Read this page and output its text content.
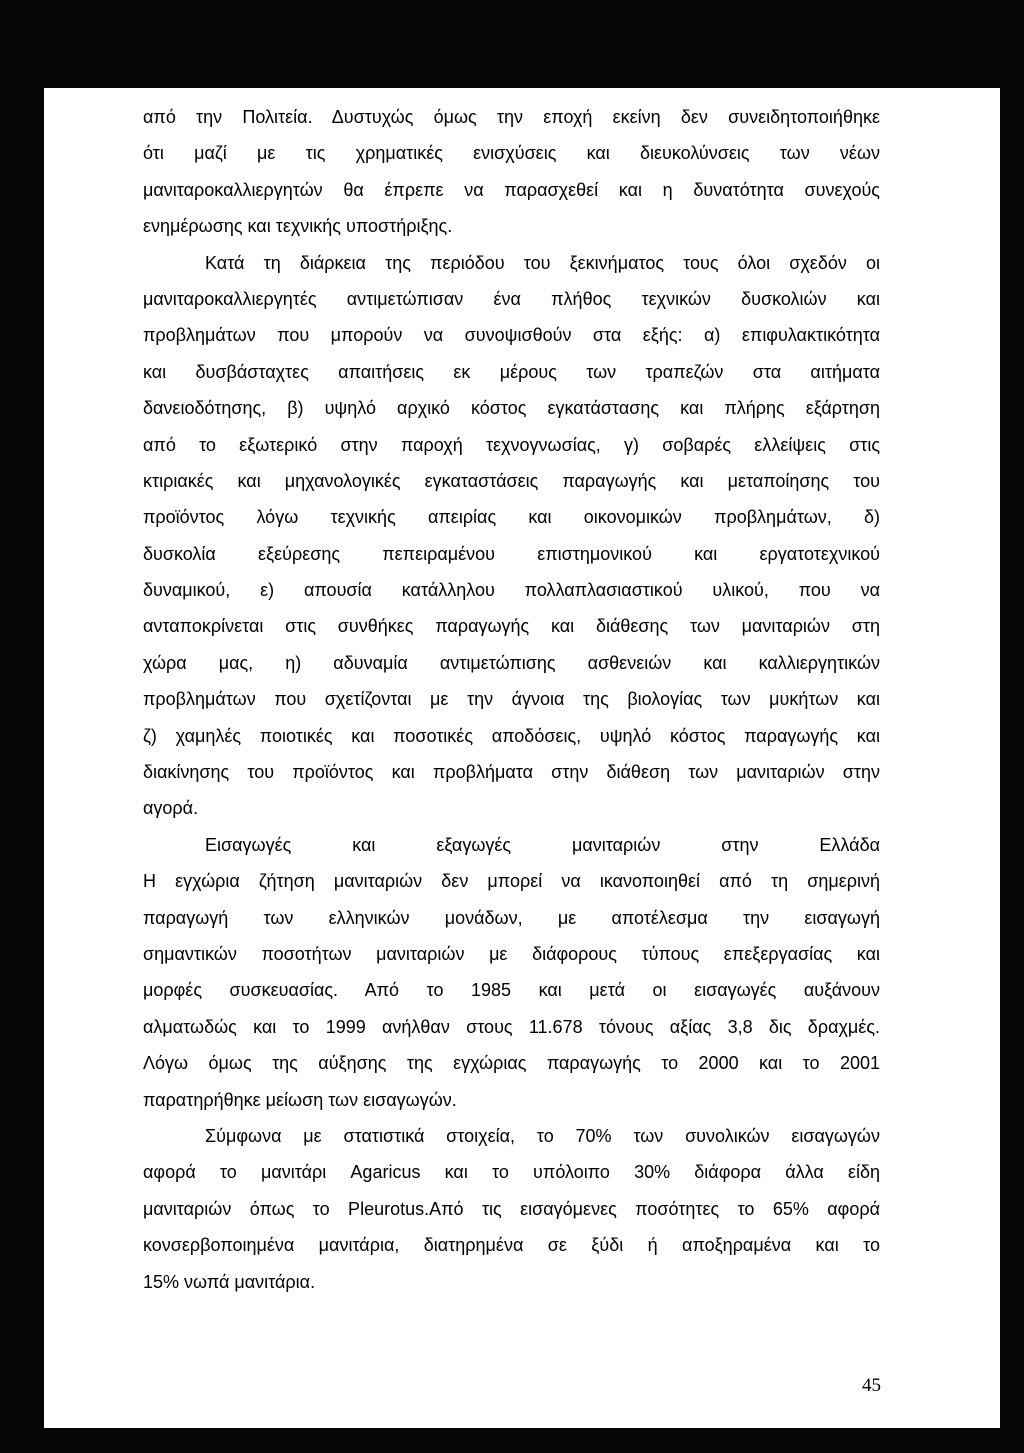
από την Πολιτεία. Δυστυχώς όμως την εποχή εκείνη δεν συνειδητοποιήθηκε
ότι μαζί με τις χρηματικές ενισχύσεις και διευκολύνσεις των νέων
μανιταροκαλλιεργητών θα έπρεπε να παρασχεθεί και η δυνατότητα συνεχούς
ενημέρωσης και τεχνικής υποστήριξης.
Κατά τη διάρκεια της περιόδου του ξεκινήματος τους όλοι σχεδόν οι
μανιταροκαλλιεργητές αντιμετώπισαν ένα πλήθος τεχνικών δυσκολιών και
προβλημάτων που μπορούν να συνοψισθούν στα εξής: α) επιφυλακτικότητα
και δυσβάσταχτες απαιτήσεις εκ μέρους των τραπεζών στα αιτήματα
δανειοδότησης, β) υψηλό αρχικό κόστος εγκατάστασης και πλήρης εξάρτηση
από το εξωτερικό στην παροχή τεχνογνωσίας, γ) σοβαρές ελλείψεις στις
κτιριακές και μηχανολογικές εγκαταστάσεις παραγωγής και μεταποίησης του
προϊόντος λόγω τεχνικής απειρίας και οικονομικών προβλημάτων, δ)
δυσκολία εξεύρεσης πεπειραμένου επιστημονικού και εργατοτεχνικού
δυναμικού, ε) απουσία κατάλληλου πολλαπλασιαστικού υλικού, που να
ανταποκρίνεται στις συνθήκες παραγωγής και διάθεσης των μανιταριών στη
χώρα μας, η) αδυναμία αντιμετώπισης ασθενειών και καλλιεργητικών
προβλημάτων που σχετίζονται με την άγνοια της βιολογίας των μυκήτων και
ζ) χαμηλές ποιοτικές και ποσοτικές αποδόσεις, υψηλό κόστος παραγωγής και
διακίνησης του προϊόντος και προβλήματα στην διάθεση των μανιταριών στην
αγορά.
Εισαγωγές και εξαγωγές μανιταριών στην Ελλάδα
Η εγχώρια ζήτηση μανιταριών δεν μπορεί να ικανοποιηθεί από τη σημερινή
παραγωγή των ελληνικών μονάδων, με αποτέλεσμα την εισαγωγή
σημαντικών ποσοτήτων μανιταριών με διάφορους τύπους επεξεργασίας και
μορφές συσκευασίας. Από το 1985 και μετά οι εισαγωγές αυξάνουν
αλματωδώς και το 1999 ανήλθαν στους 11.678 τόνους αξίας 3,8 δις δραχμές.
Λόγω όμως της αύξησης της εγχώριας παραγωγής το 2000 και το 2001
παρατηρήθηκε μείωση των εισαγωγών.
Σύμφωνα με στατιστικά στοιχεία, το 70% των συνολικών εισαγωγών
αφορά το μανιτάρι Agaricus και το υπόλοιπο 30% διάφορα άλλα είδη
μανιταριών όπως το Pleurotus.Από τις εισαγόμενες ποσότητες το 65% αφορά
κονσερβοποιημένα μανιτάρια, διατηρημένα σε ξύδι ή αποξηραμένα και το
15% νωπά μανιτάρια.
45
